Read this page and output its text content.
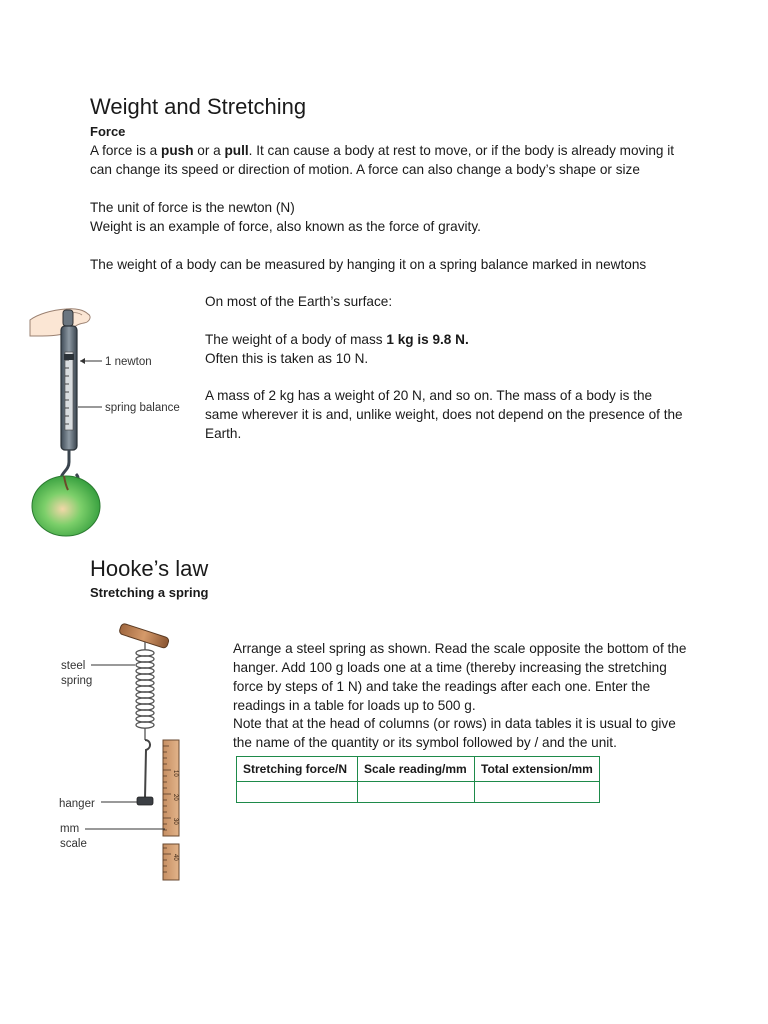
Weight and Stretching
Force
A force is a push or a pull. It can cause a body at rest to move, or if the body is already moving it can change its speed or direction of motion. A force can also change a body’s shape or size
The unit of force is the newton (N)
Weight is an example of force, also known as the force of gravity.
The weight of a body can be measured by hanging it on a spring balance marked in newtons
On most of the Earth’s surface:
The weight of a body of mass 1 kg is 9.8 N.
Often this is taken as 10 N.
A mass of 2 kg has a weight of 20 N, and so on. The mass of a body is the same wherever it is and, unlike weight, does not depend on the presence of the Earth.
1 newton
spring balance
Hooke’s law
Stretching a spring
Arrange a steel spring as shown. Read the scale opposite the bottom of the hanger. Add 100 g loads one at a time (thereby increasing the stretching force by steps of 1 N) and take the readings after each one. Enter the readings in a table for loads up to 500 g.
Note that at the head of columns (or rows) in data tables it is usual to give the name of the quantity or its symbol followed by / and the unit.
Stretching force/N	Scale reading/mm	Total extension/mm

10
20
30
40
steel
spring
hanger
mm
scale
